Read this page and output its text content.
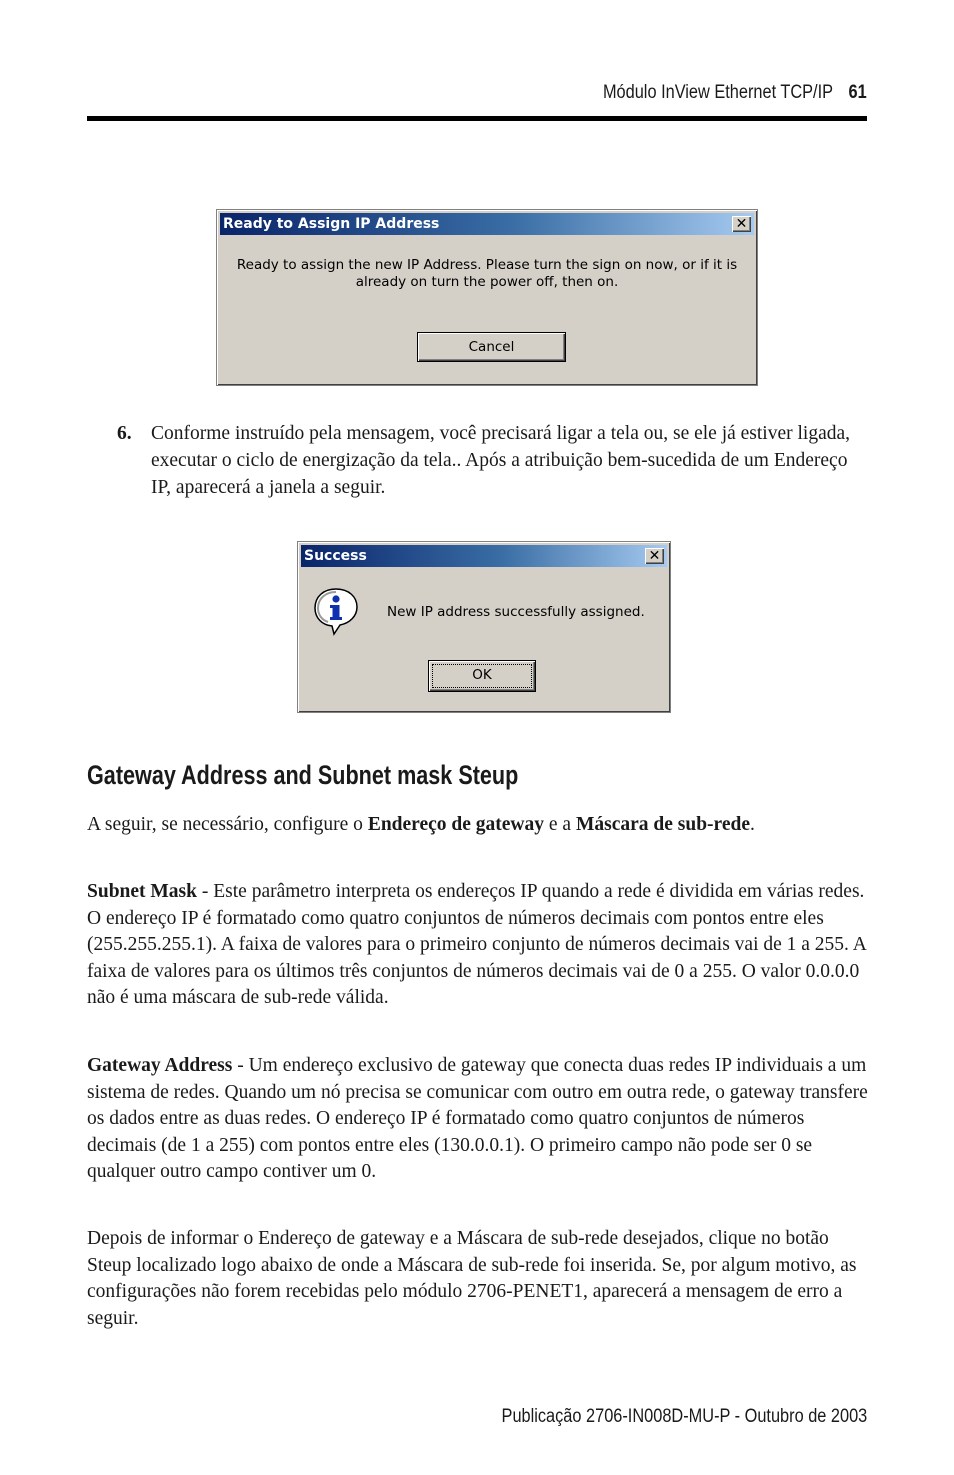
Módulo InView Ethernet TCP/IP 61
Ready to Assign IP Address	✕
Ready to assign the new IP Address. Please turn the sign on now, or if it is
already on turn the power off, then on.
Cancel
6. Conforme instruído pela mensagem, você precisará ligar a tela ou, se ele já estiver ligada, executar o ciclo de energização da tela.. Após a atribuição bem-sucedida de um Endereço IP, aparecerá a janela a seguir.
Success	✕
New IP address successfully assigned.
OK
Gateway Address and Subnet mask Steup
A seguir, se necessário, configure o Endereço de gateway e a Máscara de sub-rede.
Subnet Mask - Este parâmetro interpreta os endereços IP quando a rede é dividida em várias redes. O endereço IP é formatado como quatro conjuntos de números decimais com pontos entre eles (255.255.255.1). A faixa de valores para o primeiro conjunto de números decimais vai de 1 a 255. A faixa de valores para os últimos três conjuntos de números decimais vai de 0 a 255. O valor 0.0.0.0 não é uma máscara de sub-rede válida.
Gateway Address - Um endereço exclusivo de gateway que conecta duas redes IP individuais a um sistema de redes. Quando um nó precisa se comunicar com outro em outra rede, o gateway transfere os dados entre as duas redes. O endereço IP é formatado como quatro conjuntos de números decimais (de 1 a 255) com pontos entre eles (130.0.0.1). O primeiro campo não pode ser 0 se qualquer outro campo contiver um 0.
Depois de informar o Endereço de gateway e a Máscara de sub-rede desejados, clique no botão Steup localizado logo abaixo de onde a Máscara de sub-rede foi inserida. Se, por algum motivo, as configurações não forem recebidas pelo módulo 2706-PENET1, aparecerá a mensagem de erro a seguir.
Publicação 2706-IN008D-MU-P - Outubro de 2003
